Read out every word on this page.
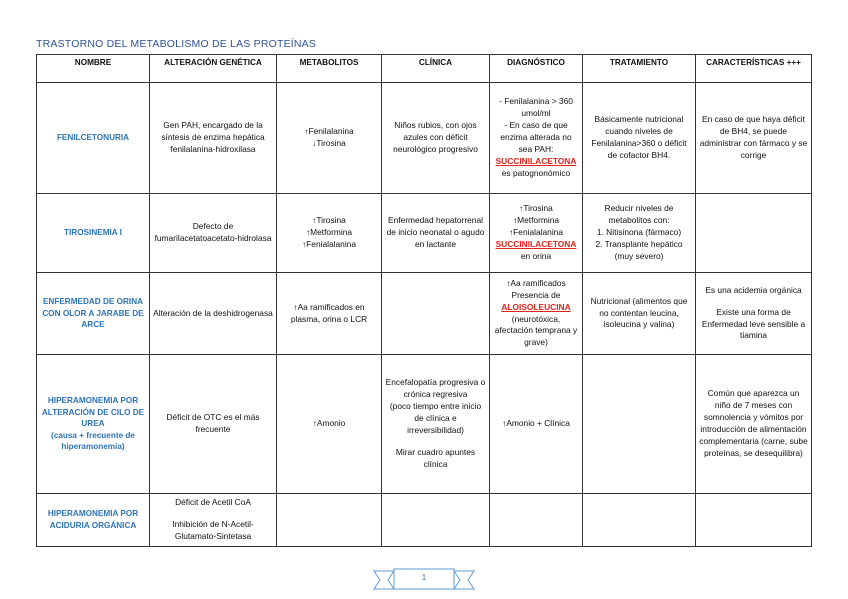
TRASTORNO DEL METABOLISMO DE LAS PROTEÍNAS
NOMBRE	ALTERACIÓN GENÉTICA	METABOLITOS	CLÍNICA	DIAGNÓSTICO	TRATAMIENTO	CARACTERÍSTICAS +++

FENILCETONURIA	Gen PAH, encargado de la síntesis de enzima hepática fenilalanina-hidroxilasa	↑Fenilalanina
↓Tirosina	Niños rubios, con ojos azules con déficit neurológico progresivo	- Fenilalanina > 360 umol/ml
- En caso de que enzima alterada no sea PAH:
SUCCINILACETONA
es patognonómico	Básicamente nutricional cuando niveles de Fenilalanina>360 o déficit de cofactor BH4.	En caso de que haya déficit de BH4, se puede administrar con fármaco y se corrige

TIROSINEMIA I	Defecto de fumarilacetatoacetato-hidrolasa	↑Tirosina
↑Metformina
↑Fenialalanina	Enfermedad hepatorrenal de inicio neonatal o agudo en lactante	↑Tirosina
↑Metformina
↑Fenialalanina
SUCCINILACETONA
en orina	Reducir niveles de metabolitos con:
1. Nitisinona (fármaco)
2. Transplante hepático (muy severo)	

ENFERMEDAD DE ORINA CON OLOR A JARABE DE ARCE	Alteración de la deshidrogenasa	↑Aa ramificados en plasma, orina o LCR		↑Aa ramificados
Presencia de
ALOISOLEUCINA
(neurotóxica, afectación temprana y grave)	Nutricional (alimentos que no contentan leucina, isoleucina y valina)	Es una acidemia orgánica
Existe una forma de Enfermedad leve sensible a tiamina

HIPERAMONEMIA POR ALTERACIÓN DE CILO DE UREA
(causa + frecuente de hiperamonemia)	Déficit de OTC es el más frecuente	↑Amonio	Encefalopatía progresiva o crónica regresiva
(poco tiempo entre inicio de clínica e irreversibilidad)
Mirar cuadro apuntes clínica	↑Amonio + Clínica		Común que aparezca un niño de 7 meses con somnolencia y vómitos por introducción de alimentación complementaria (carne, sube proteínas, se desequilibra)

HIPERAMONEMIA POR ACIDURIA ORGÁNICA	Déficit de Acetil CoA
Inhibición de N-Acetil-Glutamato-Sintetasa					

1
